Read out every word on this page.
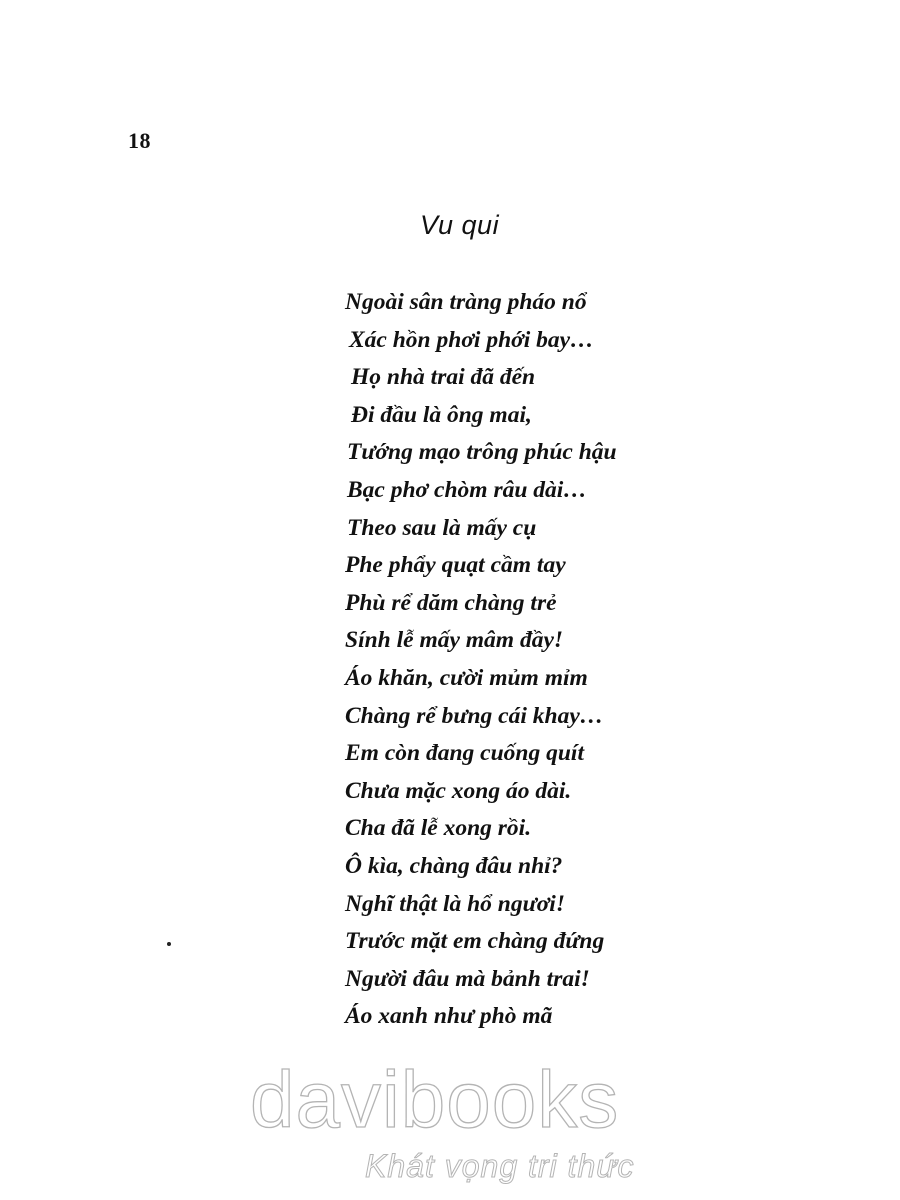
18
Vu qui
Ngoài sân tràng pháo nổ
Xác hồn phơi phới bay…
Họ nhà trai đã đến
Đi đầu là ông mai,
Tướng mạo trông phúc hậu
Bạc phơ chòm râu dài…
Theo sau là mấy cụ
Phe phẩy quạt cầm tay
Phù rể dăm chàng trẻ
Sính lễ mấy mâm đầy!
Áo khăn, cười mủm mỉm
Chàng rể bưng cái khay…
Em còn đang cuống quít
Chưa mặc xong áo dài.
Cha đã lễ xong rồi.
Ô kìa, chàng đâu nhỉ?
Nghĩ thật là hổ ngươi!
Trước mặt em chàng đứng
Người đâu mà bảnh trai!
Áo xanh như phò mã
davibooks
Khát vọng tri thức
